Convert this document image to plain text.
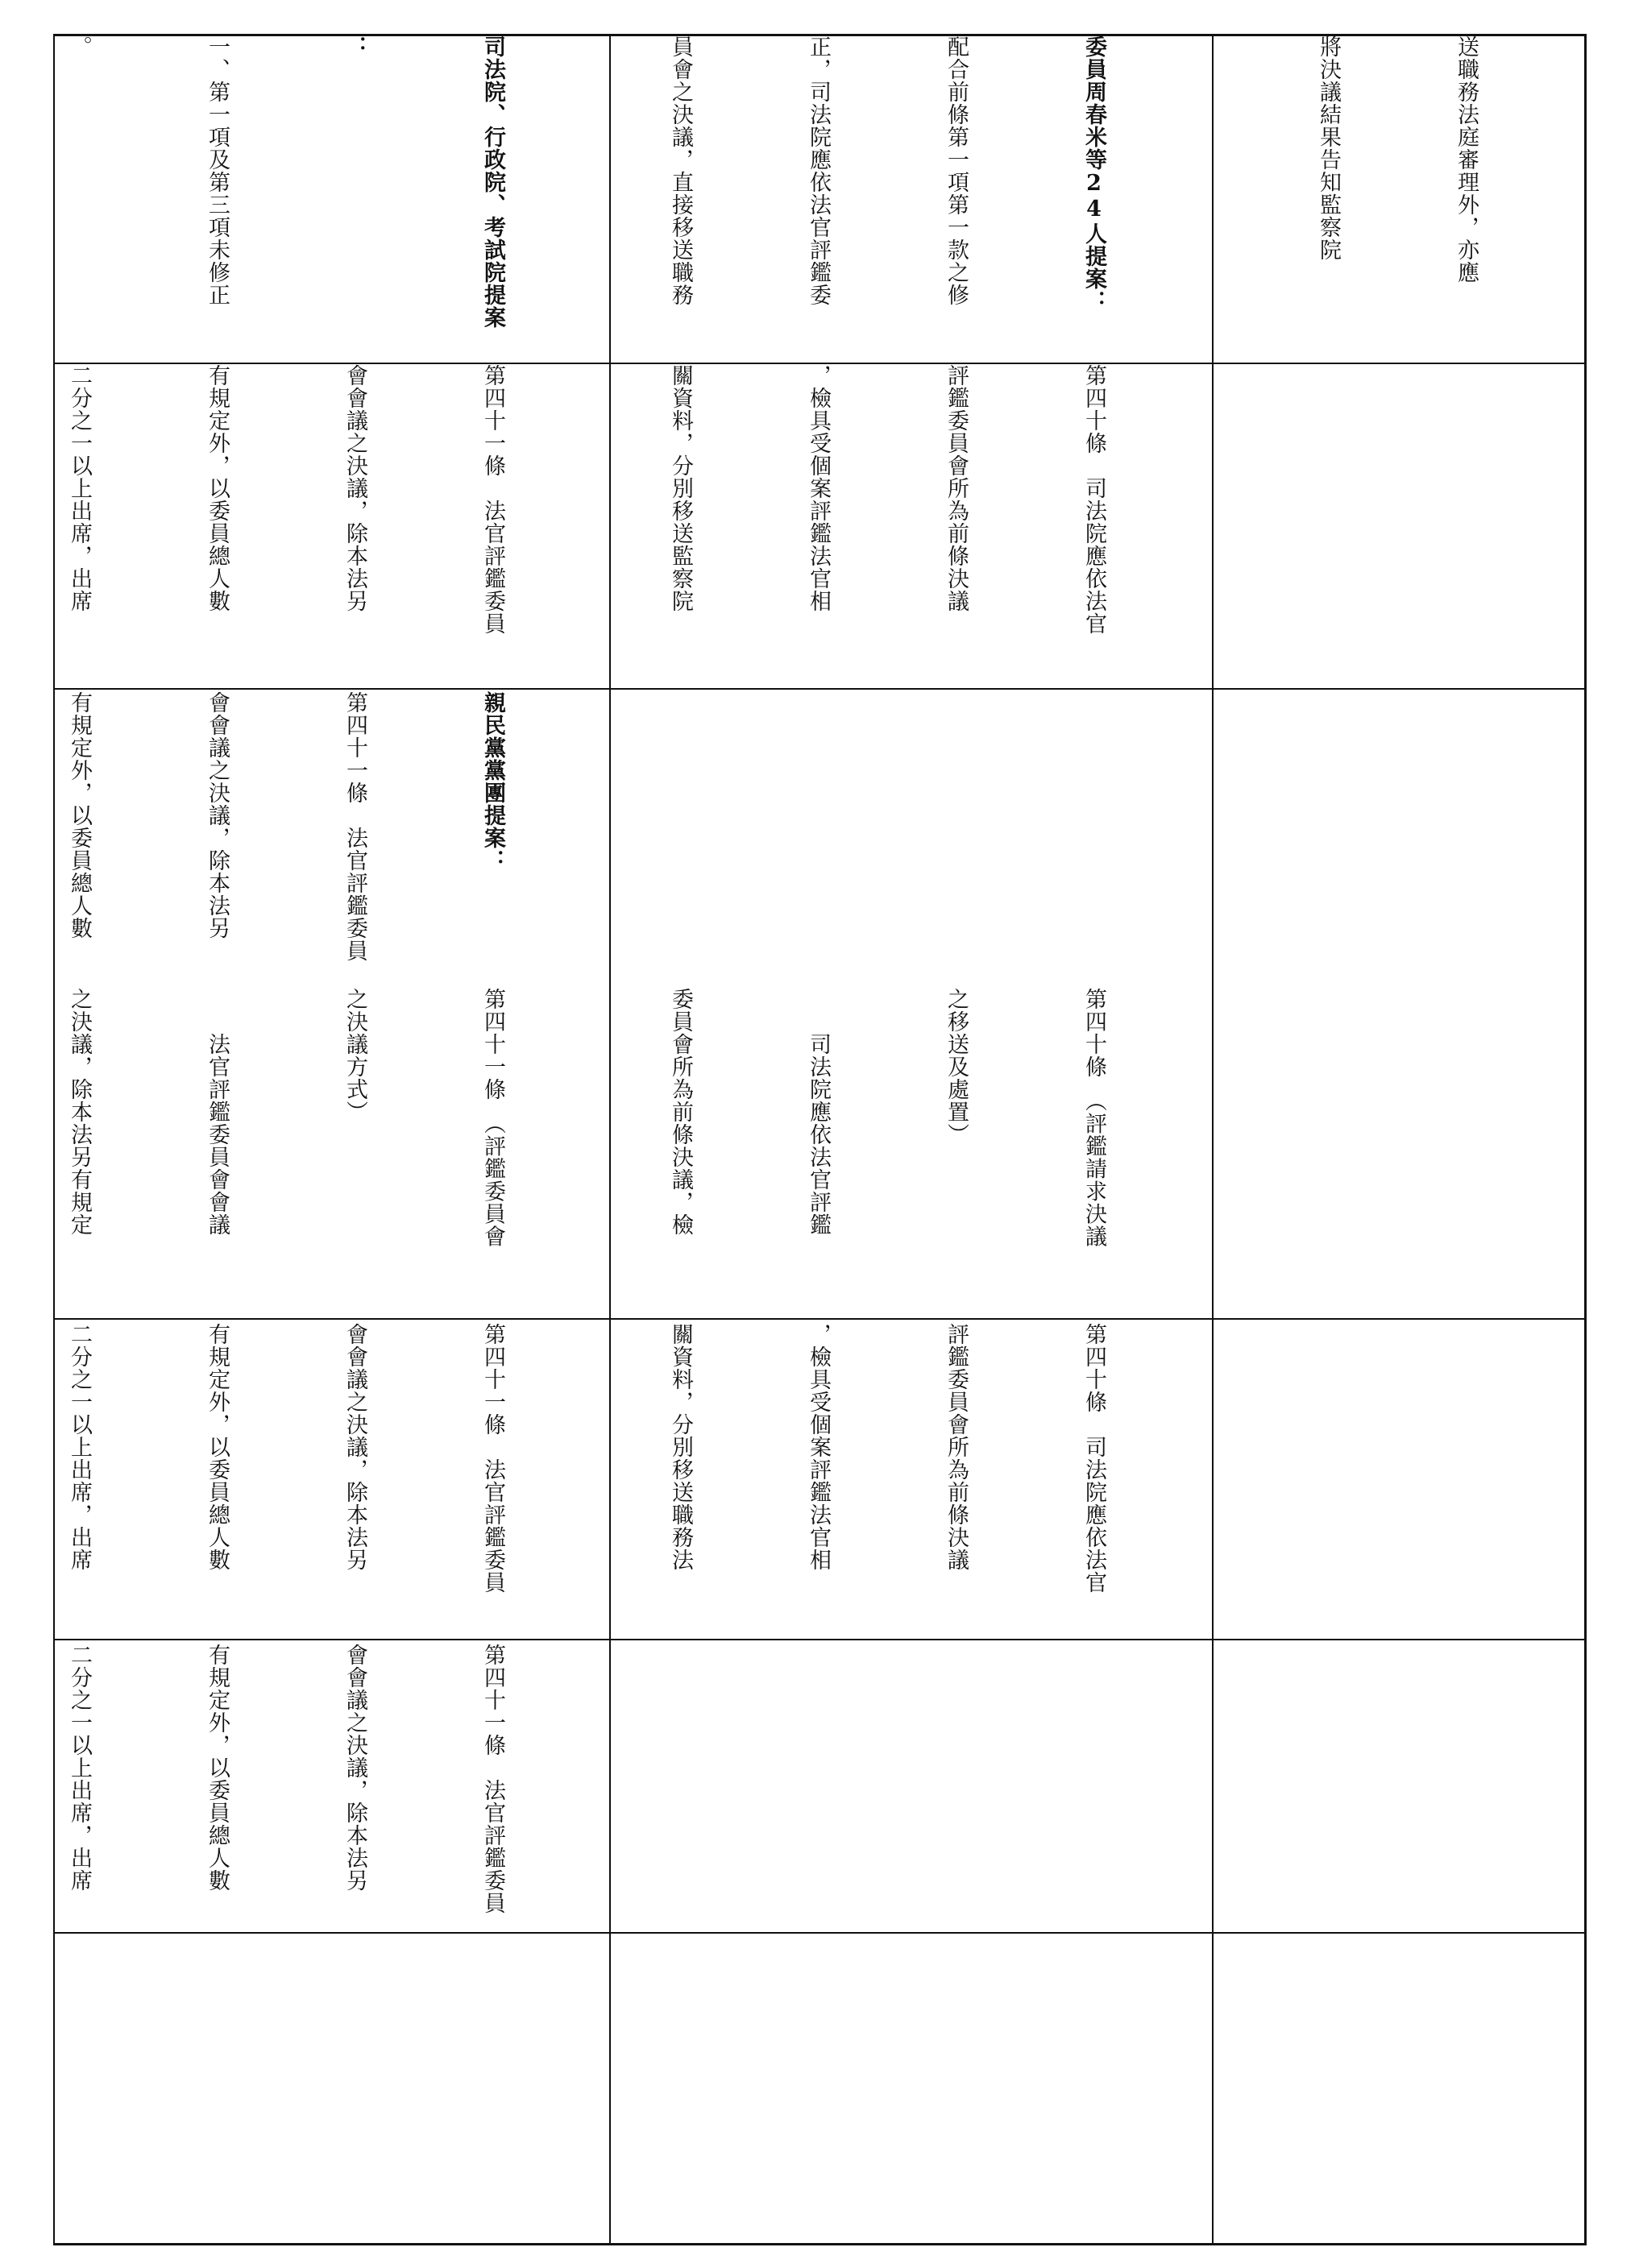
送職務法庭審理外，亦應

將決議結果告知監察院

第四十條　司法院應依法官

評鑑委員會所為前條決議

，檢具受個案評鑑法官相

關資料，分別移送職務法

第四十條　（評鑑請求決議

之移送及處置）

　　司法院應依法官評鑑

委員會所為前條決議，檢

第四十條　司法院應依法官

評鑑委員會所為前條決議

，檢具受個案評鑑法官相

關資料，分別移送監察院

委員周春米等24人提案：

配合前條第一項第一款之修

正，司法院應依法官評鑑委

員會之決議，直接移送職務

第四十一條　法官評鑑委員

會會議之決議，除本法另

有規定外，以委員總人數

二分之一以上出席，出席

第四十一條　法官評鑑委員

會會議之決議，除本法另

有規定外，以委員總人數

二分之一以上出席，出席

第四十一條　（評鑑委員會

之決議方式）

　　法官評鑑委員會會議

之決議，除本法另有規定

親民黨黨團提案：

第四十一條　法官評鑑委員

會會議之決議，除本法另

有規定外，以委員總人數

第四十一條　法官評鑑委員

會會議之決議，除本法另

有規定外，以委員總人數

二分之一以上出席，出席

司法院、行政院、考試院提案

：

一、第一項及第三項未修正

。
